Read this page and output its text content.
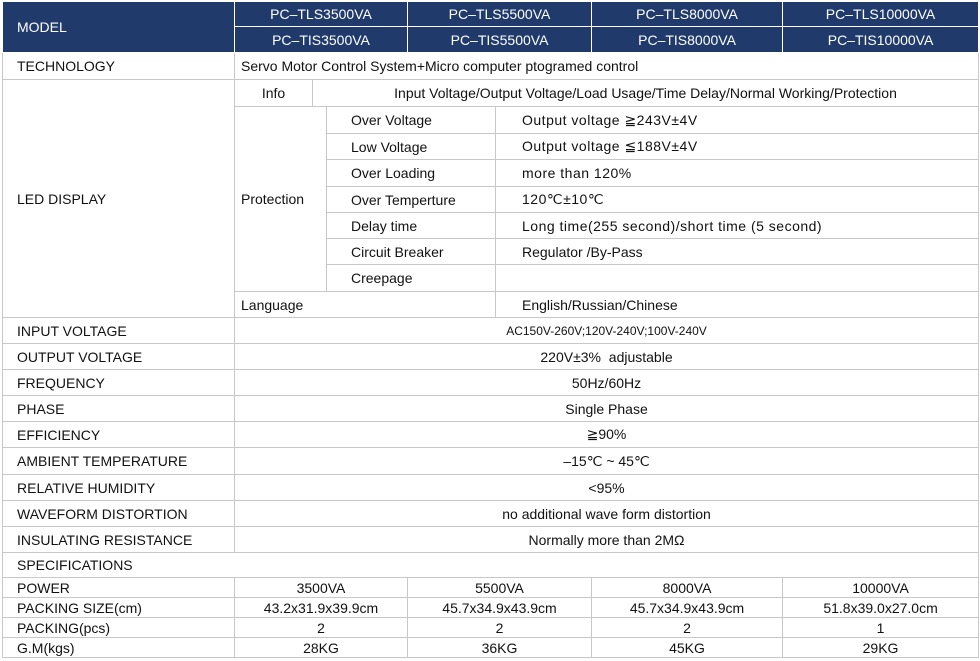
MODEL	PC–TLS3500VA			PC–TLS5500VA		PC–TLS8000VA	PC–TLS10000VA
	PC–TIS3500VA			PC–TIS5500VA		PC–TIS8000VA	PC–TIS10000VA
TECHNOLOGY	Servo Motor Control System+Micro computer ptogramed control						
LED DISPLAY	Info	Input Voltage/Output Voltage/Load Usage/Time Delay/Normal Working/Protection					
	Protection		Over Voltage		Output voltage ≧243V±4V		
			Low Voltage		Output voltage ≦188V±4V		
			Over Loading		more than 120%		
			Over Temperture		120℃±10℃		
			Delay time		Long time(255 second)/short time (5 second)		
			Circuit Breaker		Regulator /By-Pass		
			Creepage				
	Language				English/Russian/Chinese		
INPUT VOLTAGE	AC150V-260V;120V-240V;100V-240V						
OUTPUT VOLTAGE	220V±3%  adjustable						
FREQUENCY	50Hz/60Hz						
PHASE	Single Phase						
EFFICIENCY	≧90%						
AMBIENT TEMPERATURE	–15℃ ~ 45℃						
RELATIVE HUMIDITY	<95%						
WAVEFORM DISTORTION	no additional wave form distortion						
INSULATING RESISTANCE	Normally more than 2MΩ						
SPECIFICATIONS							
POWER	3500VA			5500VA		8000VA	10000VA
PACKING SIZE(cm)	43.2x31.9x39.9cm			45.7x34.9x43.9cm		45.7x34.9x43.9cm	51.8x39.0x27.0cm
PACKING(pcs)	2			2		2	1
G.M(kgs)	28KG			36KG		45KG	29KG
